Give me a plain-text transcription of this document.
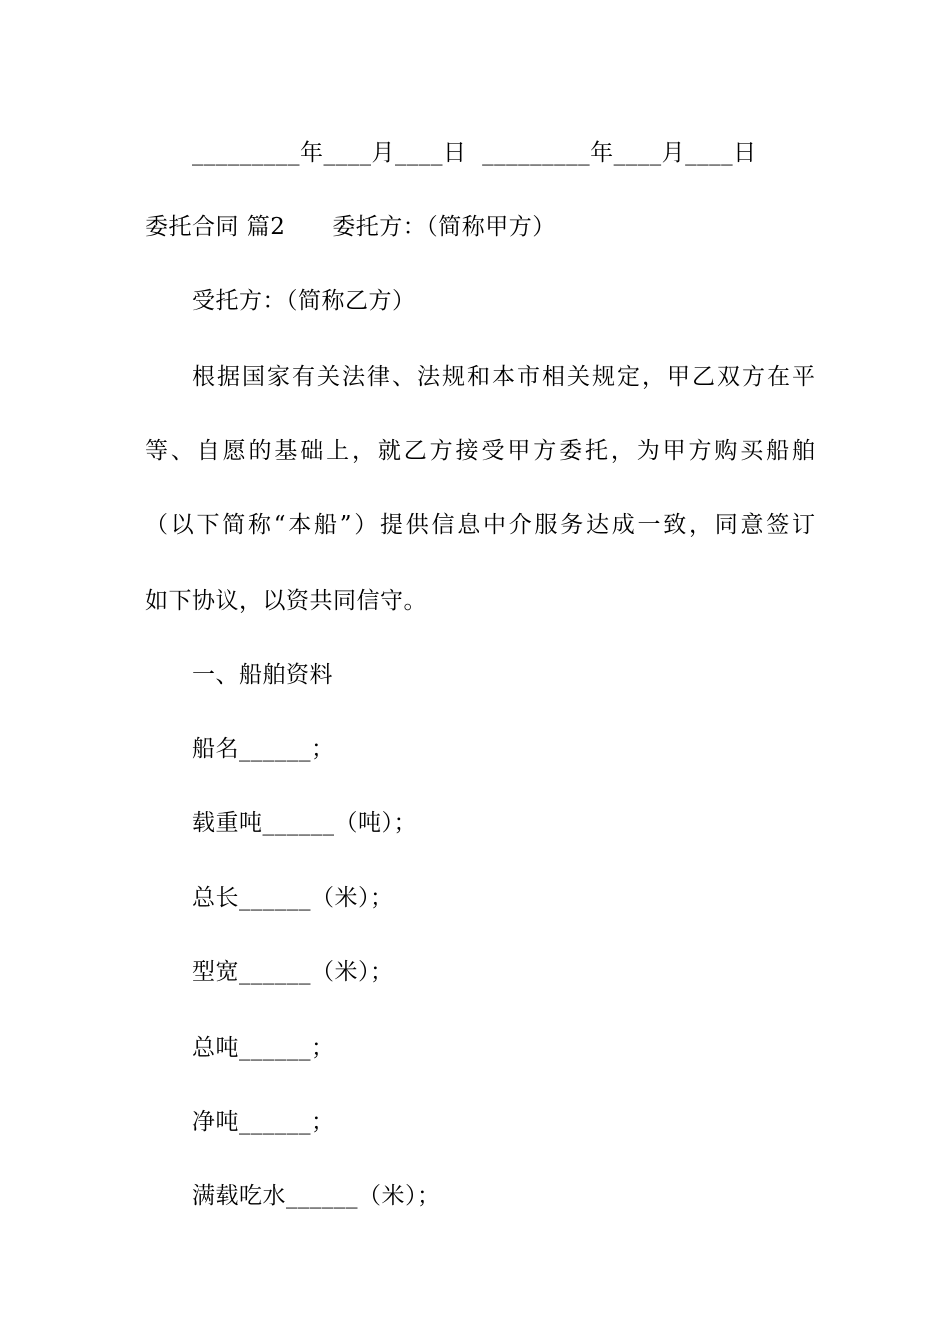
_________年____月____日  _________年____月____日
委托合同 篇2      委托方：（简称甲方）
受托方：（简称乙方）
根据国家有关法律、法规和本市相关规定，甲乙双方在平
等、自愿的基础上，就乙方接受甲方委托，为甲方购买船舶
（以下简称“本船”）提供信息中介服务达成一致，同意签订
如下协议，以资共同信守。
一、船舶资料
船名______；
载重吨______（吨）；
总长______（米）；
型宽______（米）；
总吨______；
净吨______；
满载吃水______（米）；
